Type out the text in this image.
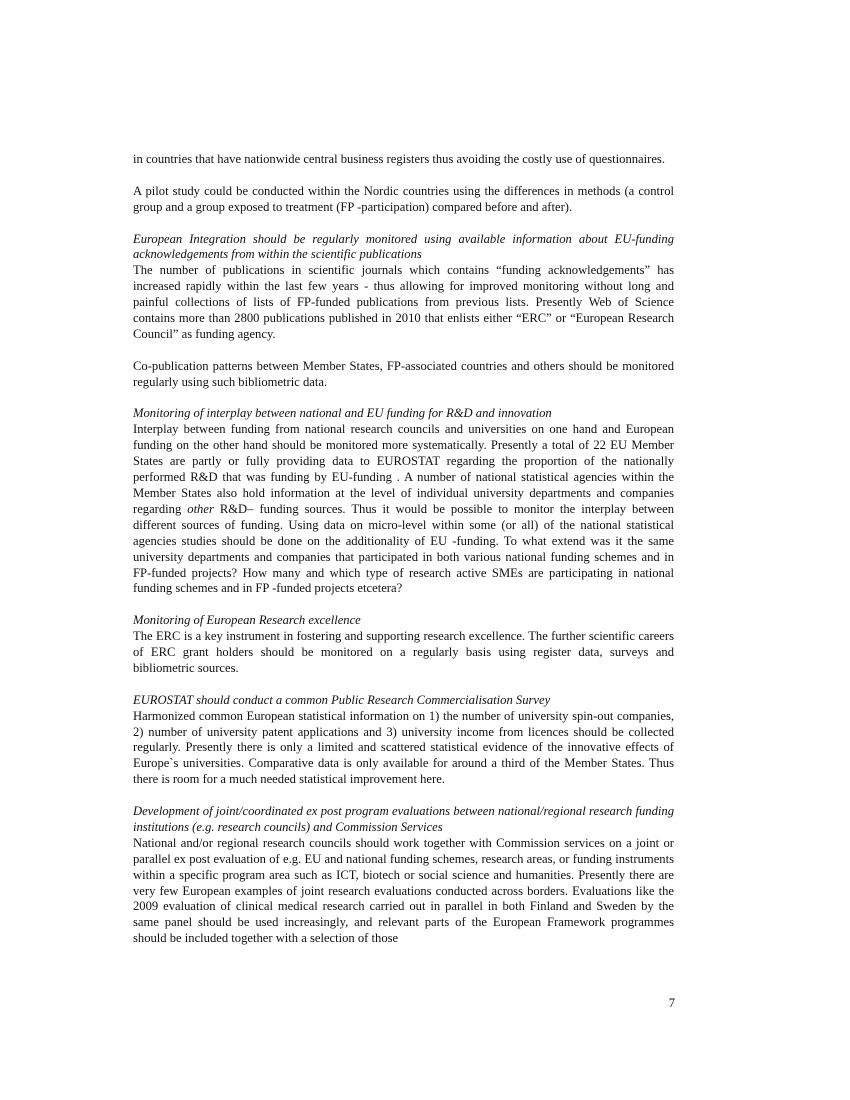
in countries that have nationwide central business registers thus avoiding the costly use of questionnaires.

A pilot study could be conducted within the Nordic countries using the differences in methods (a control group and a group exposed to treatment (FP -participation) compared before and after).

European Integration should be regularly monitored using available information about EU-funding acknowledgements from within the scientific publications
The number of publications in scientific journals which contains “funding acknowledgements” has increased rapidly within the last few years - thus allowing for improved monitoring without long and painful collections of lists of FP-funded publications from previous lists. Presently Web of Science contains more than 2800 publications published in 2010 that enlists either “ERC” or “European Research Council” as funding agency.

Co-publication patterns between Member States, FP-associated countries and others should be monitored regularly using such bibliometric data.

Monitoring of interplay between national and EU funding for R&D and innovation
Interplay between funding from national research councils and universities on one hand and European funding on the other hand should be monitored more systematically. Presently a total of 22 EU Member States are partly or fully providing data to EUROSTAT regarding the proportion of the nationally performed R&D that was funding by EU-funding . A number of national statistical agencies within the Member States also hold information at the level of individual university departments and companies regarding other R&D– funding sources. Thus it would be possible to monitor the interplay between different sources of funding. Using data on micro-level within some (or all) of the national statistical agencies studies should be done on the additionality of EU -funding. To what extend was it the same university departments and companies that participated in both various national funding schemes and in FP-funded projects? How many and which type of research active SMEs are participating in national funding schemes and in FP -funded projects etcetera?

Monitoring of European Research excellence
The ERC is a key instrument in fostering and supporting research excellence. The further scientific careers of ERC grant holders should be monitored on a regularly basis using register data, surveys and bibliometric sources.

EUROSTAT should conduct a common Public Research Commercialisation Survey
Harmonized common European statistical information on 1) the number of university spin-out companies, 2) number of university patent applications and 3) university income from licences should be collected regularly. Presently there is only a limited and scattered statistical evidence of the innovative effects of Europe`s universities. Comparative data is only available for around a third of the Member States. Thus there is room for a much needed statistical improvement here.

Development of joint/coordinated ex post program evaluations between national/regional research funding institutions (e.g. research councils) and Commission Services
National and/or regional research councils should work together with Commission services on a joint or parallel ex post evaluation of e.g. EU and national funding schemes, research areas, or funding instruments within a specific program area such as ICT, biotech or social science and humanities. Presently there are very few European examples of joint research evaluations conducted across borders. Evaluations like the 2009 evaluation of clinical medical research carried out in parallel in both Finland and Sweden by the same panel should be used increasingly, and relevant parts of the European Framework programmes should be included together with a selection of those

7
